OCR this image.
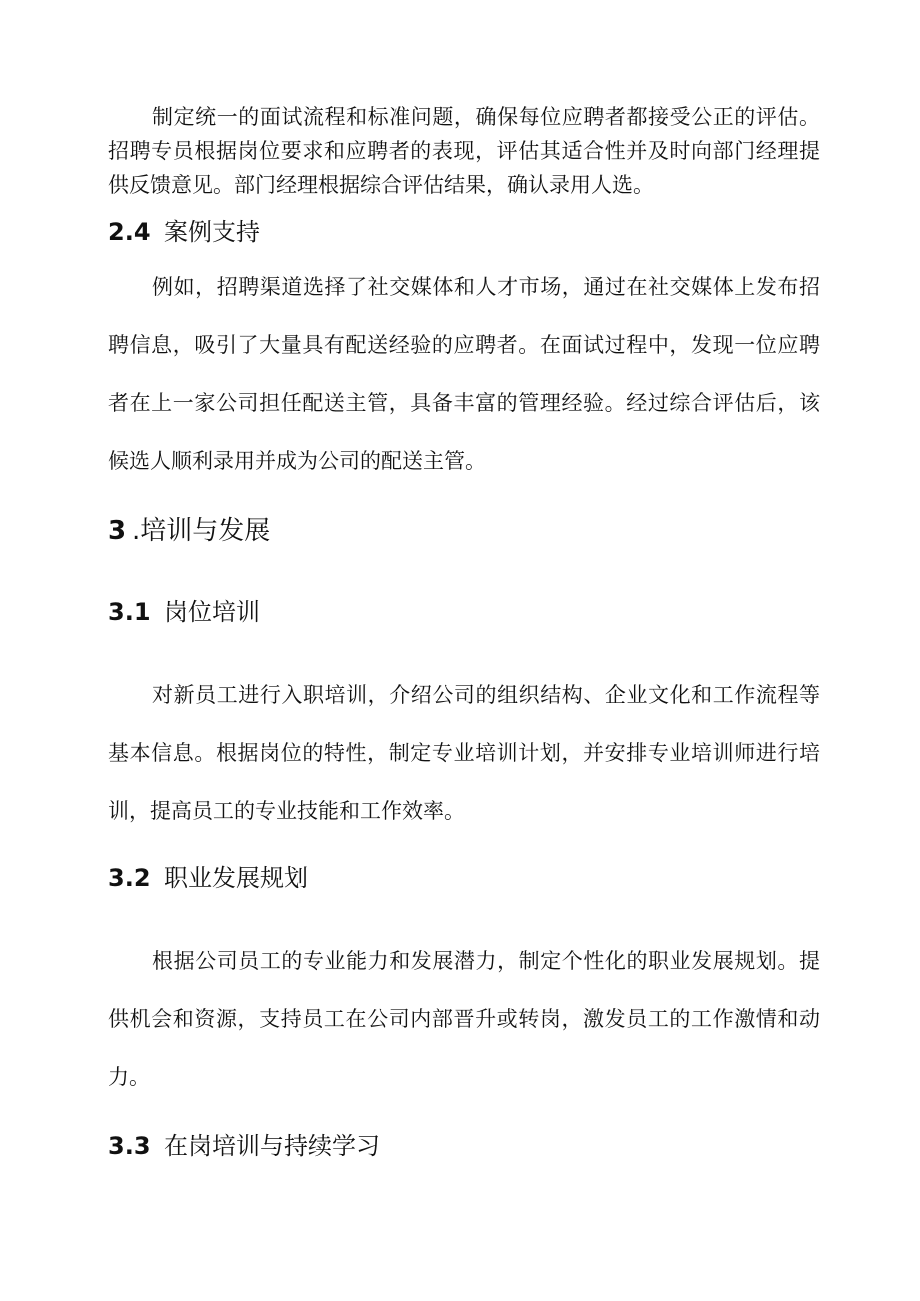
制定统一的面试流程和标准问题，确保每位应聘者都接受公正的评估。招聘专员根据岗位要求和应聘者的表现，评估其适合性并及时向部门经理提供反馈意见。部门经理根据综合评估结果，确认录用人选。

2.4 案例支持

例如，招聘渠道选择了社交媒体和人才市场，通过在社交媒体上发布招聘信息，吸引了大量具有配送经验的应聘者。在面试过程中，发现一位应聘者在上一家公司担任配送主管，具备丰富的管理经验。经过综合评估后，该候选人顺利录用并成为公司的配送主管。

3 .培训与发展
3.1 岗位培训

对新员工进行入职培训，介绍公司的组织结构、企业文化和工作流程等基本信息。根据岗位的特性，制定专业培训计划，并安排专业培训师进行培训，提高员工的专业技能和工作效率。

3.2 职业发展规划

根据公司员工的专业能力和发展潜力，制定个性化的职业发展规划。提供机会和资源，支持员工在公司内部晋升或转岗，激发员工的工作激情和动力。

3.3 在岗培训与持续学习
